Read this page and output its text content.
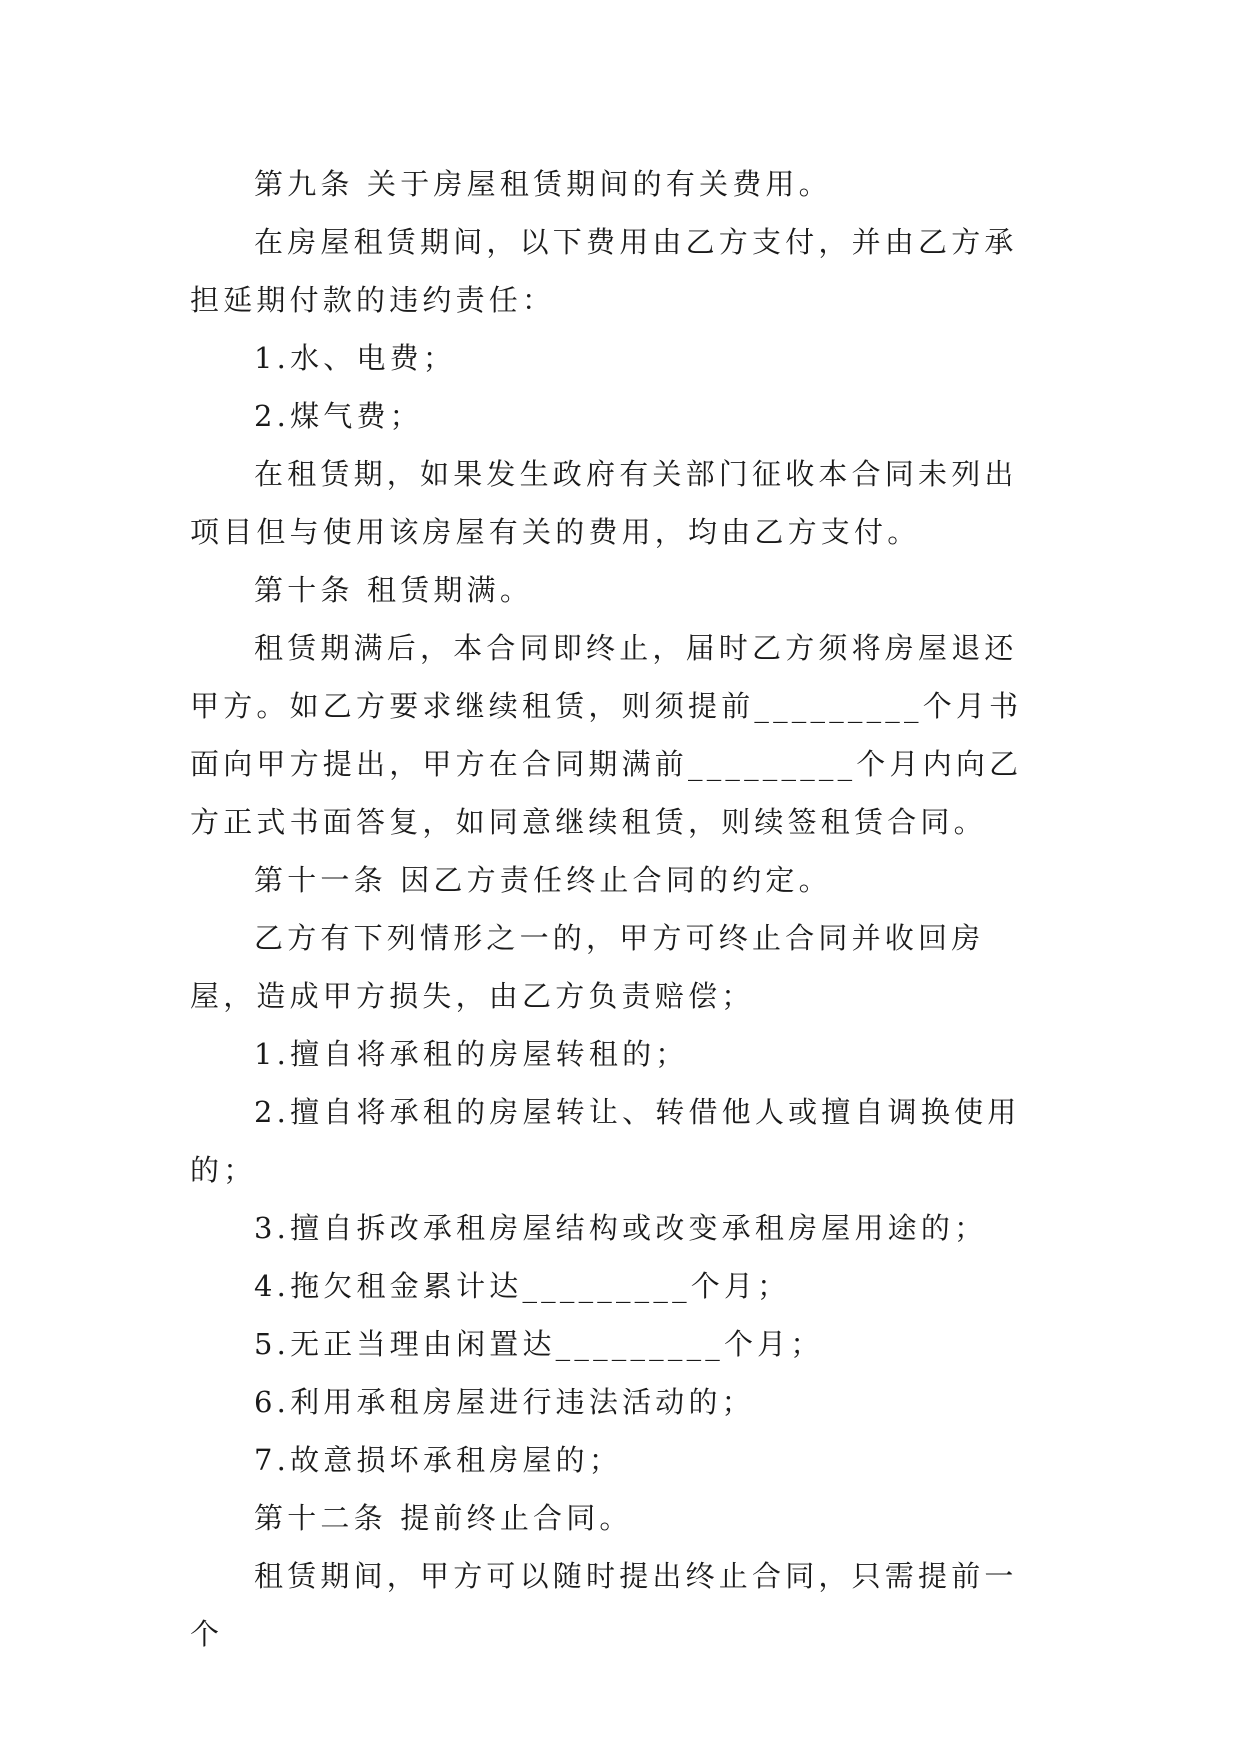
第九条 关于房屋租赁期间的有关费用。

在房屋租赁期间，以下费用由乙方支付，并由乙方承担延期付款的违约责任：

1.水、电费；

2.煤气费；

在租赁期，如果发生政府有关部门征收本合同未列出项目但与使用该房屋有关的费用，均由乙方支付。

第十条 租赁期满。

租赁期满后，本合同即终止，届时乙方须将房屋退还甲方。如乙方要求继续租赁，则须提前_________个月书面向甲方提出，甲方在合同期满前_________个月内向乙方正式书面答复，如同意继续租赁，则续签租赁合同。

第十一条 因乙方责任终止合同的约定。

乙方有下列情形之一的，甲方可终止合同并收回房屋，造成甲方损失，由乙方负责赔偿；

1.擅自将承租的房屋转租的；

2.擅自将承租的房屋转让、转借他人或擅自调换使用的；

3.擅自拆改承租房屋结构或改变承租房屋用途的；

4.拖欠租金累计达_________个月；

5.无正当理由闲置达_________个月；

6.利用承租房屋进行违法活动的；

7.故意损坏承租房屋的；

第十二条 提前终止合同。

租赁期间，甲方可以随时提出终止合同，只需提前一个
